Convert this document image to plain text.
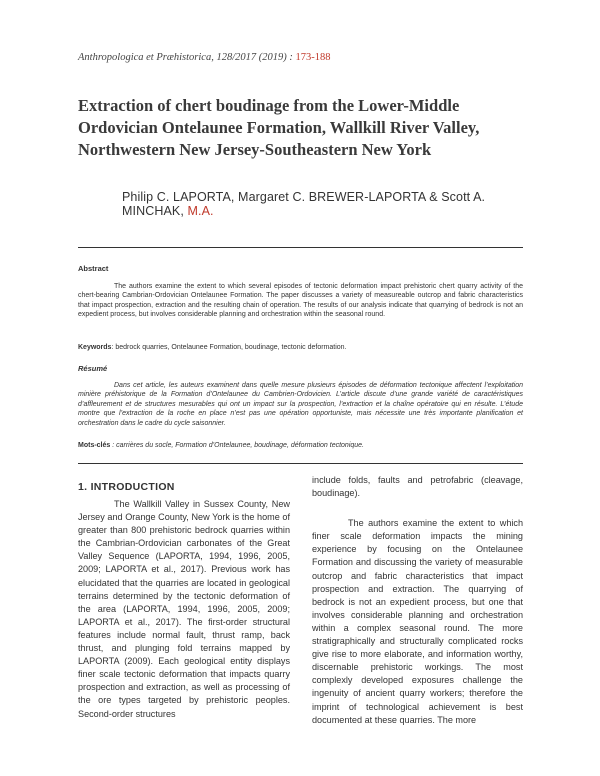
Anthropologica et Præhistorica, 128/2017 (2019) : 173-188
Extraction of chert boudinage from the Lower-Middle Ordovician Ontelaunee Formation, Wallkill River Valley, Northwestern New Jersey-Southeastern New York
Philip C. LAPORTA, Margaret C. BREWER-LAPORTA & Scott A. MINCHAK, M.A.
Abstract
The authors examine the extent to which several episodes of tectonic deformation impact prehistoric chert quarry activity of the chert-bearing Cambrian-Ordovician Ontelaunee Formation. The paper discusses a variety of measureable outcrop and fabric characteristics that impact prospection, extraction and the resulting chain of operation. The results of our analysis indicate that quarrying of bedrock is not an expedient process, but involves considerable planning and orchestration within the seasonal round.
Keywords: bedrock quarries, Ontelaunee Formation, boudinage, tectonic deformation.
Résumé
Dans cet article, les auteurs examinent dans quelle mesure plusieurs épisodes de déformation tectonique affectent l’exploitation minière préhistorique de la Formation d’Ontelaunee du Cambrien-Ordovicien. L’article discute d’une grande variété de caractéristiques d’affleurement et de structures mesurables qui ont un impact sur la prospection, l’extraction et la chaîne opératoire qui en résulte. L’étude montre que l’extraction de la roche en place n’est pas une opération opportuniste, mais nécessite une très importante planification et orchestration dans le cadre du cycle saisonnier.
Mots-clés : carrières du socle, Formation d’Ontelaunee, boudinage, déformation tectonique.
1. INTRODUCTION

The Wallkill Valley in Sussex County, New Jersey and Orange County, New York is the home of greater than 800 prehistoric bedrock quarries within the Cambrian-Ordovician carbonates of the Great Valley Sequence (LAPORTA, 1994, 1996, 2005, 2009; LAPORTA et al., 2017). Previous work has elucidated that the quarries are located in geological terrains determined by the tectonic deformation of the area (LAPORTA, 1994, 1996, 2005, 2009; LAPORTA et al., 2017). The first-order structural features include normal fault, thrust ramp, back thrust, and plunging fold terrains mapped by LAPORTA (2009). Each geological entity displays finer scale tectonic deformation that impacts quarry prospection and extraction, as well as processing of the ore types targeted by prehistoric peoples. Second-order structures

include folds, faults and petrofabric (cleavage, boudinage).

The authors examine the extent to which finer scale deformation impacts the mining experience by focusing on the Ontelaunee Formation and discussing the variety of measurable outcrop and fabric characteristics that impact prospection and extraction. The quarrying of bedrock is not an expedient process, but one that involves considerable planning and orchestration within a complex seasonal round. The more stratigraphically and structurally complicated rocks give rise to more elaborate, and information worthy, discernable prehistoric workings. The most complexly developed exposures challenge the ingenuity of ancient quarry workers; therefore the imprint of technological achievement is best documented at these quarries. The more
